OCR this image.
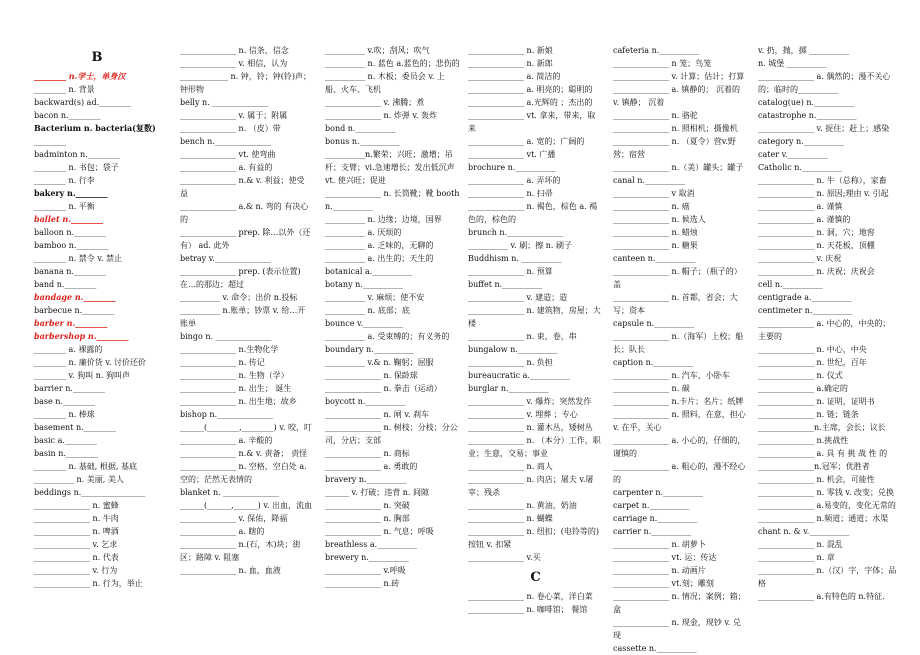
B
________ n.学士，单身汉
________ n. 背景
backward(s) ad.________
bacon n.________
Bacterium n. bacteria(复数)
________
badminton n.________
________ n. 书包；袋子
________ n. 行李
bakery n.________
________ n. 平衡
ballet n.________
balloon n.________
bamboo n.________
________ n. 禁令 v. 禁止
banana n.________
band n.________
bandage n.________
barbecue n.________
barber n.________
barbershop n.________
________ a. 裸露的
________ n. 廉价货 v. 讨价还价
________ v. 狗叫 n. 狗叫声
barrier n.________
base n.________
________ n. 棒球
basement n.________
basic a.________
basin n.________
________ n. 基础, 根据, 基底
__________ n. 美丽, 美人
beddings n.________________
______________ n. 蜜蜂
______________ n. 牛肉
______________ n. 啤酒
______________ v. 乞求
______________ n. 代表
______________ v. 行为
______________ n. 行为，举止
______________ n. 信条，信念
______________ v. 相信，认为
____________ n. 钟，铃；钟(铃)声；钟形物
belly n. ______________
______________ v. 属于；附属
______________ n. （皮）带
bench n.______________
______________ vt. 使弯曲
______________ a. 有益的
______________ n.& v. 利益；使受益
______________ a.& n. 弯的 有决心的
______________ prep. 除…以外（还有） ad. 此外
betray v.______________
______________ prep. (表示位置) 在…的那边；超过
__________ v. 命令；出价 n.投标
__________ n.账单；钞票 v. 给…开账单
bingo n. ______________
______________ n.生物化学
______________ n. 传记
______________ n. 生物（学）
______________ n. 出生； 诞生
______________ n. 出生地；故乡
bishop n.______________
______(________,________) v. 咬，叮
______________ a. 辛酸的
______________ n.& v. 责备； 责怪
______________ n. 空格，空白处 a.空的；茫然无表情的
blanket n. ______________
______(______,______) v. 出血，流血
______________ v. 保佑，降福
______________ a. 瞎的
______________ n.(石，木)块；街区；路障 v. 阻塞
______________ n. 血，血液
__________ v.吹；刮风；吹气
__________ n. 蓝色 a.蓝色的；悲伤的
__________ n. 木板；委员会 v. 上船、火车、飞机
______________ v. 沸腾；煮
______________ n. 炸弹 v. 轰炸
bond n.__________
bonus n.__________
__________n.繁荣；兴旺；激增；吊杆；支臂；vi.急速增长；发出低沉声 vt. 使兴旺；促进
______________ n. 长筒靴；靴 booth n.__________
__________ n. 边缘；边境，国界
__________ a. 厌烦的
__________ a. 乏味的，无聊的
__________ a. 出生的；天生的
botanical a.__________
botany n.__________
__________ v. 麻烦；使不安
__________ n. 底部；底
bounce v.__________
__________ a. 受束缚的；有义务的
boundary n.__________
__________ v.& n. 鞠躬；屈服
______________ n. 保龄球
______________ n. 拳击（运动）
boycott n.__________
______________ n. 闸 v. 刹车
______________ n. 树枝；分枝；分公司，分店；支部
______________ n. 商标
______________ a. 勇敢的
bravery n.__________
______ v. 打破；违背 n. 间隙
______________ n. 突破
______________ n. 胸部
______________ n. 气息；呼吸
breathless a.__________
brewery n.__________
______________ v.呼吸
______________ n.砖
______________ n. 新娘
______________ n. 新郎
______________ a. 简洁的
______________ a. 明亮的；聪明的
______________ a.光辉的 ；杰出的
______________ vt. 拿来，带来，取来
______________ a. 宽的；广阔的
______________ vt. 广播
brochure n.__________
______________ a. 弄坏的
______________ n. 扫帚
______________ n. 褐色，棕色 a. 褐色的，棕色的
brunch n.______________
__________ v. 刷；擦 n. 刷子
Buddhism n. __________
______________ n. 预算
buffet n.__________
______________ v. 建造；造
______________ n. 建筑物，房屋；大楼
______________ n. 束，卷，串
bungalow n.__________
______________ n. 负担
bureaucratic a.__________
burglar n.__________
______________ v. 爆炸；突然发作
______________ v. 埋葬 ；专心
______________ n. 灌木丛，矮树丛
______________ n. （本分）工作，职业；生意，交易；事业
______________ n. 商人
______________ n. 肉店；屠夫 v.屠宰；残杀
______________ n. 黄油，奶油
______________ n. 蝴蝶
______________ n. 纽扣；(电铃等的)按钮 v. 扣紧
______________ v.买
C
______________ n. 卷心菜，洋白菜
______________ n. 咖啡馆； 餐馆
cafeteria n.__________
______________ n 笼；鸟笼
______________ v. 计算；估计；打算
______________ a. 镇静的； 沉着的 v. 镇静； 沉着
______________ n. 骆驼
______________ n. 照相机；摄像机
______________ n. （夏令）营v.野营；宿营
______________ n.（美）罐头；罐子
canal n.__________
______________ v 取消
______________ n. 癌
______________ n. 候选人
______________ n. 蜡烛
______________ n. 糖果
canteen n.__________
______________ n. 帽子；（瓶子的）盖
______________ n. 首都，省会；大写；资本
capsule n.__________
______________ n.（海军）上校；船长；队长
caption n.__________
______________ n. 汽车，小卧车
______________ n. 碳
______________ n.卡片；名片；纸牌
______________ n. 照料，在意，担心 v. 在乎，关心
______________ a. 小心的，仔细的，谨慎的
______________ a. 粗心的，漫不经心的
carpenter n.__________
carpet n.__________
carriage n.__________
carrier n.__________
______________ n. 胡萝卜
______________ vt. 运；传达
______________ n. 动画片
______________ vt.刻；雕刻
______________ n. 情况；案例；箱；盒
______________ n. 现金，现钞 v. 兑现
cassette n.__________
v. 扔，抛，掷 __________
n. 城堡 __________
______________ a. 偶然的；漫不关心的；临时的__________
catalog(ue) n.__________
catastrophe n.__________
______________ v. 捉住；赶上；感染
category n.__________
cater v.__________
Catholic n.__________
______________ n. 牛（总称），家畜
______________ n. 原因;理由 v. 引起
______________ a. 谨慎
______________ a. 谨慎的
______________ n. 洞，穴；地窖
______________ n. 天花板，顶棚
______________ v. 庆祝
______________ n. 庆祝；庆祝会
cell n.__________
centigrade a.__________
centimeter n.__________
______________ a. 中心的，中央的；主要的
______________ n. 中心，中央
______________ n. 世纪，百年
______________ n. 仪式
______________ a.确定的
______________ n. 证明，证明书
______________ n. 链；链条
______________n.主席，会长；议长
______________ n.挑战性
______________ a. 具 有 挑 战 性 的
______________n.冠军；优胜者
______________ n. 机会，可能性
______________ n. 零钱 v. 改变；兑换
______________ a.易变的，变化无常的
______________ n.频道；通道；水渠
chant n. & v.__________
______________ n. 混乱
______________ n. 章
______________ n.（汉）字，字体；品格
______________ a.有特色的 n.特征.
